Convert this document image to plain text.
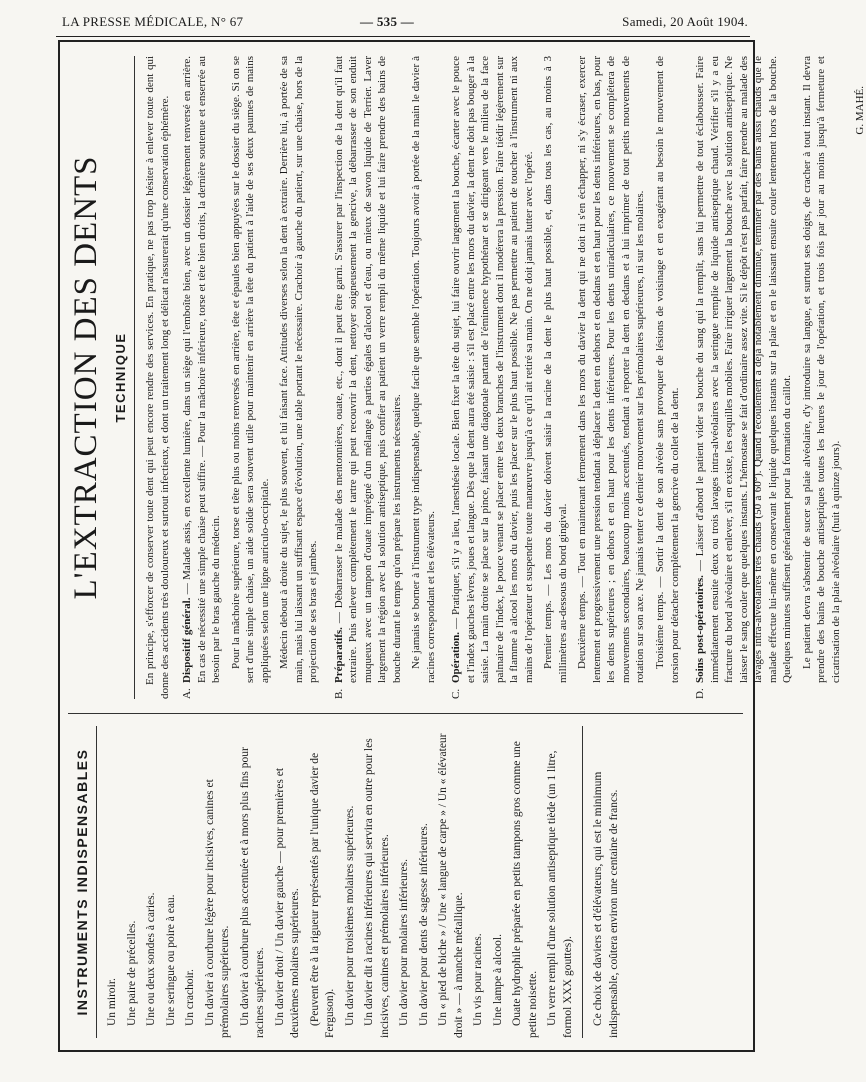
LA PRESSE MÉDICALE, N° 67	— 535 —	Samedi, 20 Août 1904.
INSTRUMENTS INDISPENSABLES	Un miroir. Une paire de précelles. Une ou deux sondes à caries. Une seringue ou poire à eau. Un crachoir. Un davier à courbure légère pour incisives, canines et prémolaires supérieures. Un davier à courbure plus accentuée et à mors plus fins pour racines supérieures. Un davier droit / Un davier gauche — pour premières et deuxièmes molaires supérieures. (Peuvent être à la rigueur représentés par l'unique davier de Ferguson). Un davier pour troisièmes molaires supérieures. Un davier dit à racines inférieures qui servira en outre pour les incisives, canines et prémolaires inférieures. Un davier pour molaires inférieures. Un davier pour dents de sagesse inférieures. Un « pied de biche » / Une « langue de carpe » / Un « élévateur droit » — à manche métallique. Un vis pour racines. Une lampe à alcool. Ouate hydrophile préparée en petits tampons gros comme une petite noisette. Un verre rempli d'une solution antiseptique tiède (un 1 litre, formol XXX gouttes).	Ce choix de daviers et d'élévateurs, qui est le minimum indispensable, coûtera environ une centaine de francs.
L'EXTRACTION DES DENTS TECHNIQUE	En principe, s'efforcer de conserver toute dent qui peut encore rendre des services. En pratique, ne pas trop hésiter à enlever toute dent qui donne des accidents très douloureux et surtout infectieux, et dont un traitement long et délicat n'assurerait qu'une conservation éphémère. A.

Dispositif général. — Malade assis, en excellente lumière, dans un siège qui l'emboîte bien, avec un dossier légèrement renversé en arrière. En cas de nécessité une simple chaise peut suffire. — Pour la mâchoire inférieure, torse et tête bien droits, la dernière soutenue et enserrée au besoin par le bras gauche du médecin. Pour la mâchoire supérieure, torse et tête plus ou moins renversés en arrière, tête et épaules bien appuyées sur le dossier du siège. Si on se sert d'une simple chaise, un aide solide sera souvent utile pour maintenir en arrière la tête du patient à l'aide de ses deux paumes de mains appliquées selon une ligne auriculo-occipitale. Médecin debout à droite du sujet, le plus souvent, et lui faisant face. Attitudes diverses selon la dent à extraire. Derrière lui, à portée de sa main, mais lui laissant un suffisant espace d'évolution, une table portant le nécessaire. Crachoir à gauche du patient, sur une chaise, hors de la projection de ses bras et jambes.

B.

Préparatifs. — Débarrasser le malade des mentonnières, ouate, etc., dont il peut être garni. S'assurer par l'inspection de la dent qu'il faut extraire. Puis enlever complètement le tartre qui peut recouvrir la dent, nettoyer soigneusement la gencive, la débarrasser de son enduit muqueux avec un tampon d'ouate imprégné d'un mélange à parties égales d'alcool et d'eau, ou mieux de savon liquide de Terrier. Laver largement la région avec la solution antiseptique, puis confier au patient un verre rempli du même liquide et lui faire prendre des bains de bouche durant le temps qu'on prépare les instruments nécessaires. Ne jamais se borner à l'instrument type indispensable, quelque facile que semble l'opération. Toujours avoir à portée de la main le davier à racines correspondant et les élévateurs.

C.

Opération. — Pratiquer, s'il y a lieu, l'anesthésie locale. Bien fixer la tête du sujet, lui faire ouvrir largement la bouche, écarter avec le pouce et l'index gauches lèvres, joues et langue. Dès que la dent aura été saisie : s'il est placé entre les mors du davier, la dent ne doit pas bouger à la saisie. La main droite se place sur la pince, faisant une diagonale partant de l'éminence hypothénar et se dirigeant vers le milieu de la face palmaire de l'index, le pouce venant se placer entre les deux branches de l'instrument dont il modérera la pression. Faire tiédir légèrement sur la flamme à alcool les mors du davier, puis les placer sur le plus haut possible. Ne pas permettre au patient de toucher à l'instrument ni aux mains de l'opérateur et suspendre toute manœuvre jusqu'à ce qu'il ait retiré sa main. On ne doit jamais lutter avec l'opéré. Premier temps. — Les mors du davier doivent saisir la racine de la dent le plus haut possible, et, dans tous les cas, au moins à 3 millimètres au-dessous du bord gingival. Deuxième temps. — Tout en maintenant fermement dans les mors du davier la dent qui ne doit ni s'en échapper, ni s'y écraser, exercer lentement et progressivement une pression tendant à déplacer la dent en dehors et en dedans et en haut pour les dents inférieures, en bas, pour les dents supérieures ; en dehors et en haut pour les dents inférieures. Pour les dents uniradiculaires, ce mouvement se complétera de mouvements secondaires, beaucoup moins accentués, tendant à reporter la dent en dedans et à lui imprimer de tout petits mouvements de rotation sur son axe. Ne jamais tenter ce dernier mouvement sur les prémolaires supérieures, ni sur les molaires. Troisième temps. — Sortir la dent de son alvéole sans provoquer de lésions de voisinage et en exagérant au besoin le mouvement de torsion pour détacher complètement la gencive du collet de la dent.

D.

Soins post-opératoires. — Laisser d'abord le patient vider sa bouche du sang qui la remplit, sans lui permettre de tout éclabousser. Faire immédiatement ensuite deux ou trois lavages intra-alvéolaires avec la seringue remplie de liquide antiseptique chaud. Vérifier s'il y a eu fracture du bord alvéolaire et enlever, s'il en existe, les esquilles mobiles. Faire irriguer largement la bouche avec la solution antiseptique. Ne laisser le sang couler que quelques instants. L'hémostase se fait d'ordinaire assez vite. Si le dépôt n'est pas parfait, faire prendre au malade des lavages intra-alvéolaires très chauds (50 à 60°). Quand l'écoulement a déjà notablement diminué, terminer par des bains aussi chauds que le malade effectue lui-même en conservant le liquide quelques instants sur la plaie et en le laissant ensuite couler lentement hors de la bouche. Quelques minutes suffisent généralement pour la formation du caillot. Le patient devra s'abstenir de sucer sa plaie alvéolaire, d'y introduire sa langue, et surtout ses doigts, de cracher à tout instant. Il devra prendre des bains de bouche antiseptiques toutes les heures le jour de l'opération, et trois fois par jour au moins jusqu'à fermeture et cicatrisation de la plaie alvéolaire (huit à quinze jours).

G. MAHÉ.
